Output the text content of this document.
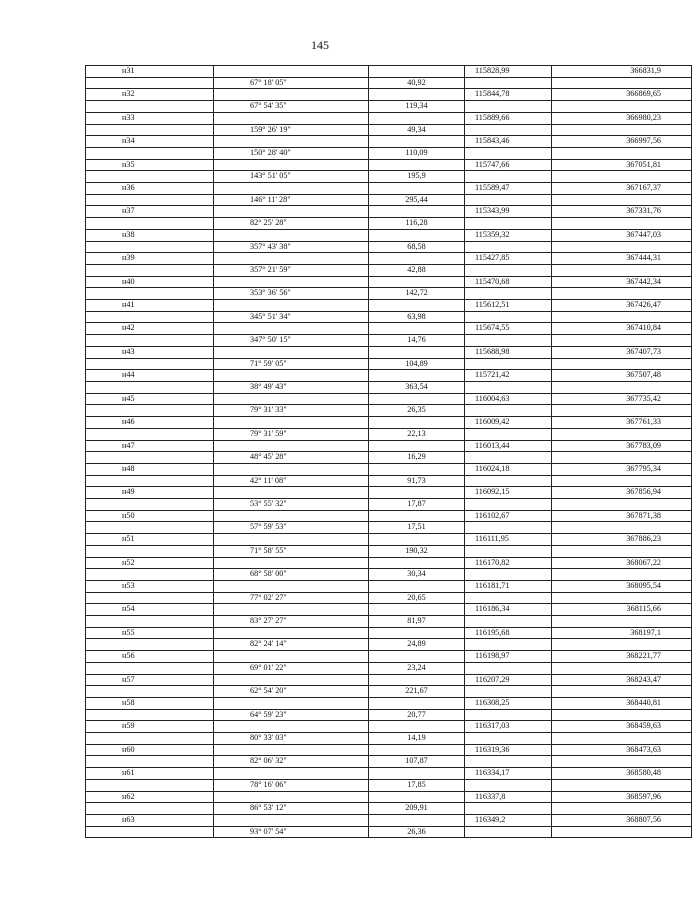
145
н31			115828,99	366831,9
	67° 18' 05"	40,92		
н32			115844,78	366869,65
	67° 54' 35"	119,34		
н33			115889,66	366980,23
	159° 26' 19"	49,34		
н34			115843,46	366997,56
	150° 28' 40"	110,09		
н35			115747,66	367051,81
	143° 51' 05"	195,9		
н36			115589,47	367167,37
	146° 11' 28"	295,44		
н37			115343,99	367331,76
	82° 25' 28"	116,28		
н38			115359,32	367447,03
	357° 43' 38"	68,58		
н39			115427,85	367444,31
	357° 21' 59"	42,88		
н40			115470,68	367442,34
	353° 36' 56"	142,72		
н41			115612,51	367426,47
	345° 51' 34"	63,98		
н42			115674,55	367410,84
	347° 50' 15"	14,76		
н43			115688,98	367407,73
	71° 59' 05"	104,89		
н44			115721,42	367507,48
	38° 49' 43"	363,54		
н45			116004,63	367735,42
	79° 31' 33"	26,35		
н46			116009,42	367761,33
	79° 31' 59"	22,13		
н47			116013,44	367783,09
	48° 45' 28"	16,29		
н48			116024,18	367795,34
	42° 11' 08"	91,73		
н49			116092,15	367856,94
	53° 55' 32"	17,87		
н50			116102,67	367871,38
	57° 59' 53"	17,51		
н51			116111,95	367886,23
	71° 58' 55"	190,32		
н52			116170,82	368067,22
	68° 58' 00"	30,34		
н53			116181,71	368095,54
	77° 02' 27"	20,65		
н54			116186,34	368115,66
	83° 27' 27"	81,97		
н55			116195,68	368197,1
	82° 24' 14"	24,89		
н56			116198,97	368221,77
	69° 01' 22"	23,24		
н57			116207,29	368243,47
	62° 54' 20"	221,67		
н58			116308,25	368440,81
	64° 59' 23"	20,77		
н59			116317,03	368459,63
	80° 33' 03"	14,19		
н60			116319,36	368473,63
	82° 06' 32"	107,87		
н61			116334,17	368580,48
	78° 16' 06"	17,85		
н62			116337,8	368597,96
	86° 53' 12"	209,91		
н63			116349,2	368807,56
	93° 07' 54"	26,36		
